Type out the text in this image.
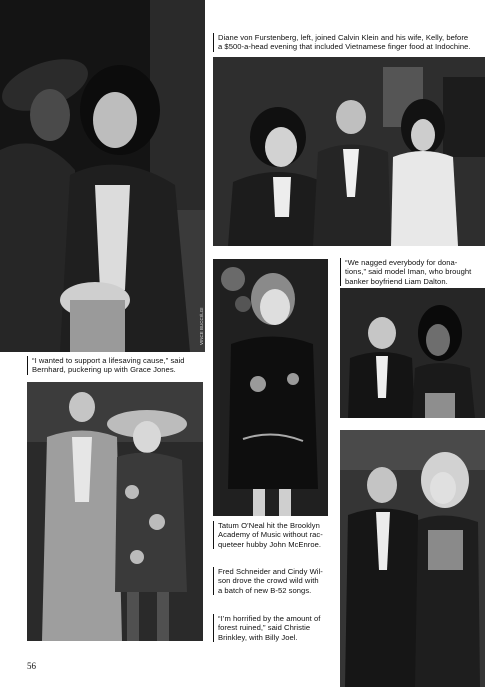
VINCE BUCCI/LGI
“I wanted to support a lifesaving cause,” said
Bernhard, puckering up with Grace Jones.
Diane von Furstenberg, left, joined Calvin Klein and his wife, Kelly, before
a $500-a-head evening that included Vietnamese finger food at Indochine.
Tatum O’Neal hit the Brooklyn
Academy of Music without rac-
queteer hubby John McEnroe.
Fred Schneider and Cindy Wil-
son drove the crowd wild with
a batch of new B-52 songs.
“I’m horrified by the amount of
forest ruined,” said Christie
Brinkley, with Billy Joel.
“We nagged everybody for dona-
tions,” said model Iman, who brought
banker boyfriend Liam Dalton.
56
